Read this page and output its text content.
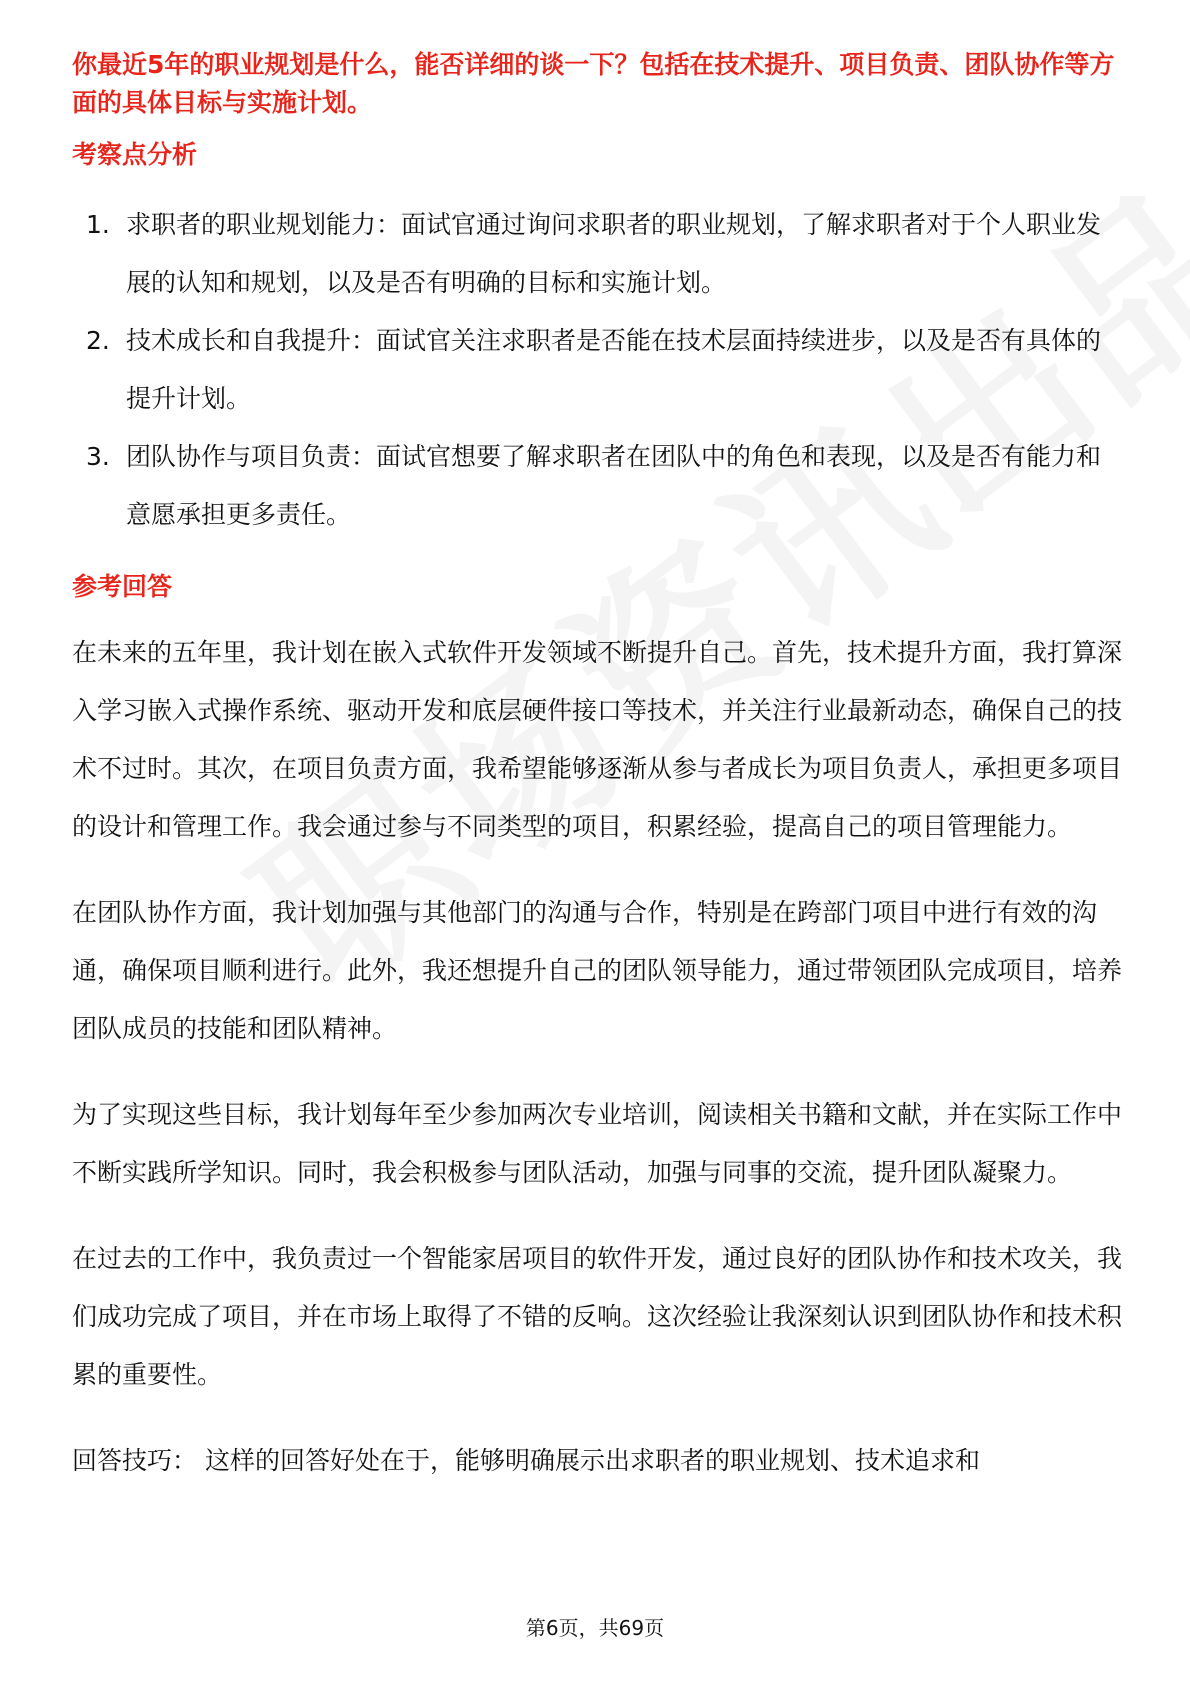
你最近5年的职业规划是什么，能否详细的谈一下？包括在技术提升、项目负责、团队协作等方面的具体目标与实施计划。

考察点分析
1. 求职者的职业规划能力：面试官通过询问求职者的职业规划，了解求职者对于个人职业发展的认知和规划，以及是否有明确的目标和实施计划。
2. 技术成长和自我提升：面试官关注求职者是否能在技术层面持续进步，以及是否有具体的提升计划。
3. 团队协作与项目负责：面试官想要了解求职者在团队中的角色和表现，以及是否有能力和意愿承担更多责任。
参考回答

在未来的五年里，我计划在嵌入式软件开发领域不断提升自己。首先，技术提升方面，我打算深入学习嵌入式操作系统、驱动开发和底层硬件接口等技术，并关注行业最新动态，确保自己的技术不过时。其次，在项目负责方面，我希望能够逐渐从参与者成长为项目负责人，承担更多项目的设计和管理工作。我会通过参与不同类型的项目，积累经验，提高自己的项目管理能力。

在团队协作方面，我计划加强与其他部门的沟通与合作，特别是在跨部门项目中进行有效的沟通，确保项目顺利进行。此外，我还想提升自己的团队领导能力，通过带领团队完成项目，培养团队成员的技能和团队精神。

为了实现这些目标，我计划每年至少参加两次专业培训，阅读相关书籍和文献，并在实际工作中不断实践所学知识。同时，我会积极参与团队活动，加强与同事的交流，提升团队凝聚力。

在过去的工作中，我负责过一个智能家居项目的软件开发，通过良好的团队协作和技术攻关，我们成功完成了项目，并在市场上取得了不错的反响。这次经验让我深刻认识到团队协作和技术积累的重要性。

回答技巧： 这样的回答好处在于，能够明确展示出求职者的职业规划、技术追求和

第6页，共69页
